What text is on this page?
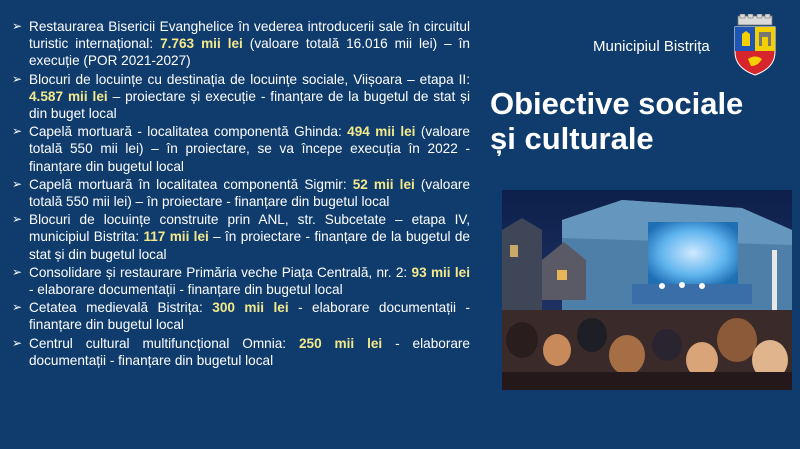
➢ Restaurarea Bisericii Evanghelice în vederea introducerii sale în circuitul turistic internațional: 7.763 mii lei (valoare totală 16.016 mii lei) – în execuție (POR 2021-2027)
➢ Blocuri de locuințe cu destinația de locuințe sociale, Viișoara – etapa II: 4.587 mii lei – proiectare și execuție - finanțare de la bugetul de stat și din buget local
➢ Capelă mortuară - localitatea componentă Ghinda: 494 mii lei (valoare totală 550 mii lei) – în proiectare, se va începe execuția în 2022 - finanțare din bugetul local
➢ Capelă mortuară în localitatea componentă Sigmir: 52 mii lei (valoare totală 550 mii lei) – în proiectare - finanțare din bugetul local
➢ Blocuri de locuințe construite prin ANL, str. Subcetate – etapa IV, municipiul Bistrita: 117 mii lei – în proiectare - finanțare de la bugetul de stat și din bugetul local
➢ Consolidare și restaurare Primăria veche Piața Centrală, nr. 2: 93 mii lei - elaborare documentații - finanțare din bugetul local
➢ Cetatea medievală Bistrița: 300 mii lei - elaborare documentații - finanțare din bugetul local
➢ Centrul cultural multifuncțional Omnia: 250 mii lei - elaborare documentații - finanțare din bugetul local
Municipiul Bistrița
Obiective sociale
și culturale
